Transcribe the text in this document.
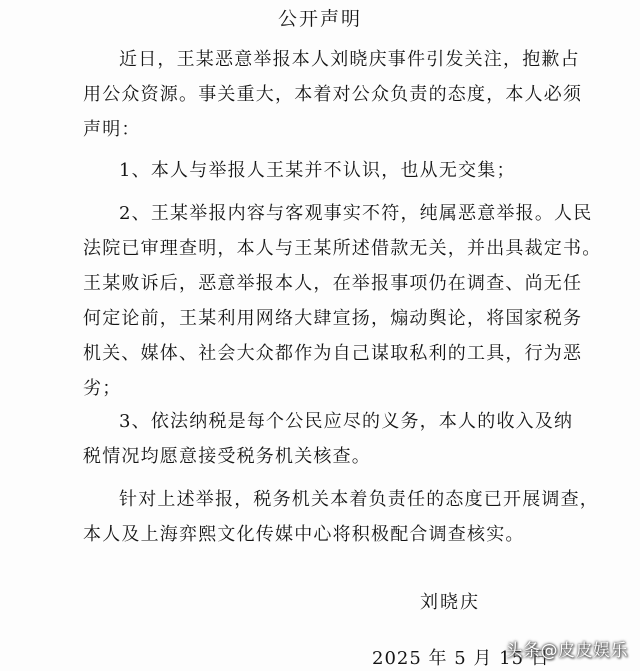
公开声明
近日，王某恶意举报本人刘晓庆事件引发关注，抱歉占
用公众资源。事关重大，本着对公众负责的态度，本人必须
声明：
1、本人与举报人王某并不认识，也从无交集；
2、王某举报内容与客观事实不符，纯属恶意举报。人民
法院已审理查明，本人与王某所述借款无关，并出具裁定书。
王某败诉后，恶意举报本人，在举报事项仍在调查、尚无任
何定论前，王某利用网络大肆宣扬，煽动舆论，将国家税务
机关、媒体、社会大众都作为自己谋取私利的工具，行为恶
劣；
3、依法纳税是每个公民应尽的义务，本人的收入及纳
税情况均愿意接受税务机关核查。
针对上述举报，税务机关本着负责任的态度已开展调查，
本人及上海弈熙文化传媒中心将积极配合调查核实。
刘晓庆
2025 年 5 月 15 日
头条@皮皮娱乐
